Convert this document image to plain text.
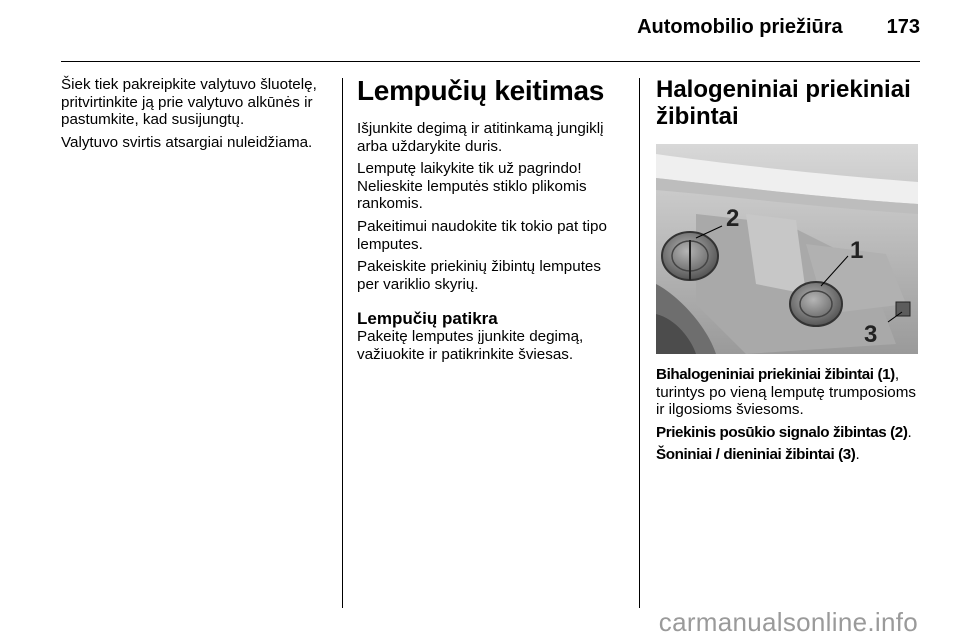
Automobilio priežiūra 173

Šiek tiek pakreipkite valytuvo šluotelę, pritvirtinkite ją prie valytuvo alkūnės ir pastumkite, kad susijungtų.

Valytuvo svirtis atsargiai nuleidžiama.

Lempučių keitimas

Išjunkite degimą ir atitinkamą jungiklį arba uždarykite duris.

Lemputę laikykite tik už pagrindo! Nelieskite lemputės stiklo plikomis rankomis.

Pakeitimui naudokite tik tokio pat tipo lemputes.

Pakeiskite priekinių žibintų lemputes per variklio skyrių.

Lempučių patikra

Pakeitę lemputes įjunkite degimą, važiuokite ir patikrinkite šviesas.

Halogeniniai priekiniai žibintai
2
1
3

Bihalogeniniai priekiniai žibintai (1), turintys po vieną lemputę trumposioms ir ilgosioms šviesoms.

Priekinis posūkio signalo žibintas (2).

Šoniniai / dieniniai žibintai (3).

carmanualsonline.info
